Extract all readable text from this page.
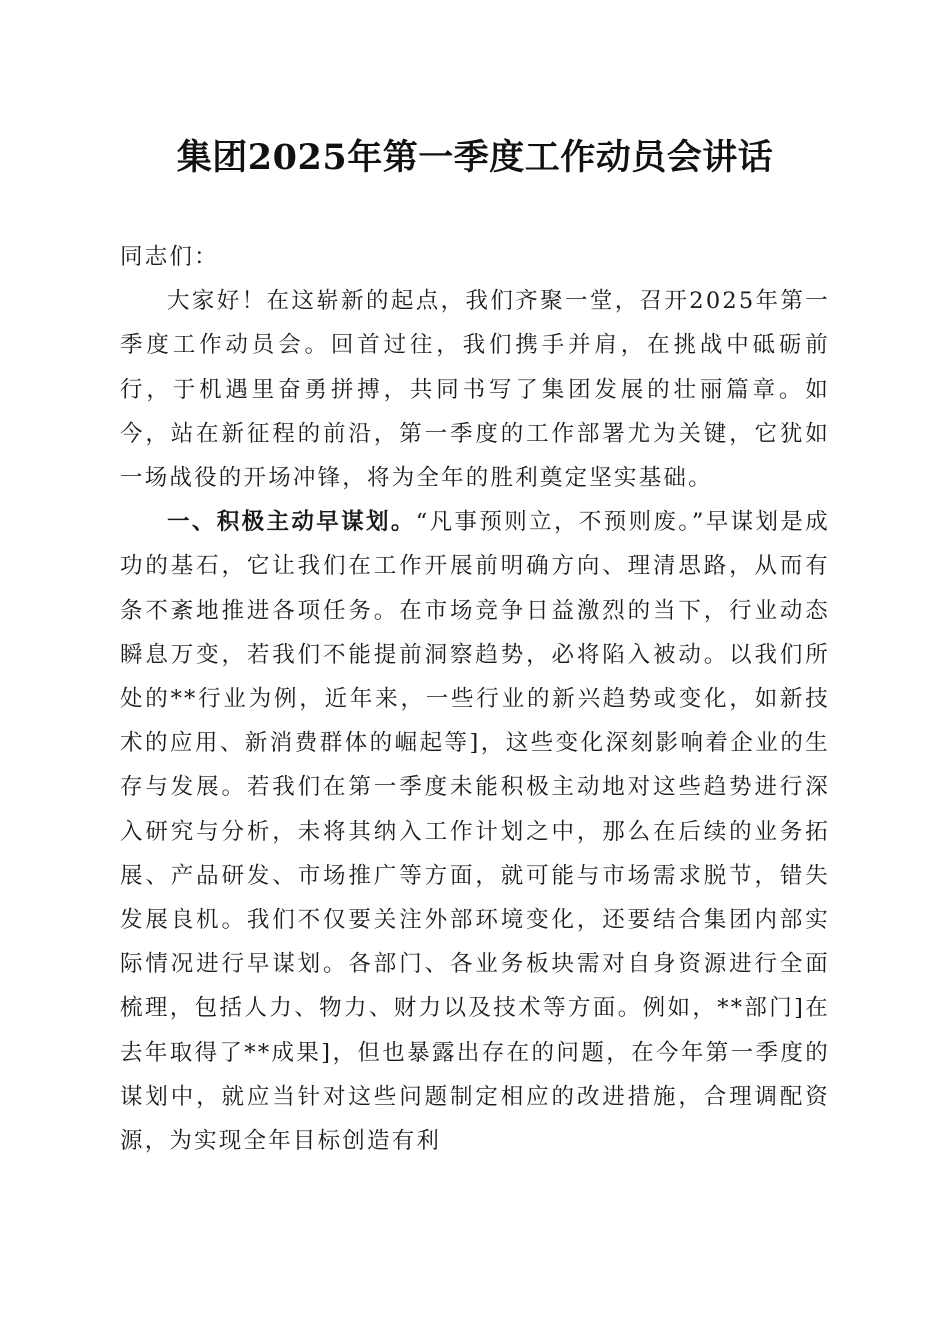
集团2025年第一季度工作动员会讲话

同志们：

大家好！在这崭新的起点，我们齐聚一堂，召开2025年第一季度工作动员会。回首过往，我们携手并肩，在挑战中砥砺前行，于机遇里奋勇拼搏，共同书写了集团发展的壮丽篇章。如今，站在新征程的前沿，第一季度的工作部署尤为关键，它犹如一场战役的开场冲锋，将为全年的胜利奠定坚实基础。

一、积极主动早谋划。“凡事预则立，不预则废。”早谋划是成功的基石，它让我们在工作开展前明确方向、理清思路，从而有条不紊地推进各项任务。在市场竞争日益激烈的当下，行业动态瞬息万变，若我们不能提前洞察趋势，必将陷入被动。以我们所处的**行业为例，近年来，一些行业的新兴趋势或变化，如新技术的应用、新消费群体的崛起等]，这些变化深刻影响着企业的生存与发展。若我们在第一季度未能积极主动地对这些趋势进行深入研究与分析，未将其纳入工作计划之中，那么在后续的业务拓展、产品研发、市场推广等方面，就可能与市场需求脱节，错失发展良机。我们不仅要关注外部环境变化，还要结合集团内部实际情况进行早谋划。各部门、各业务板块需对自身资源进行全面梳理，包括人力、物力、财力以及技术等方面。例如，**部门]在去年取得了**成果]，但也暴露出存在的问题，在今年第一季度的谋划中，就应当针对这些问题制定相应的改进措施，合理调配资源，为实现全年目标创造有利
